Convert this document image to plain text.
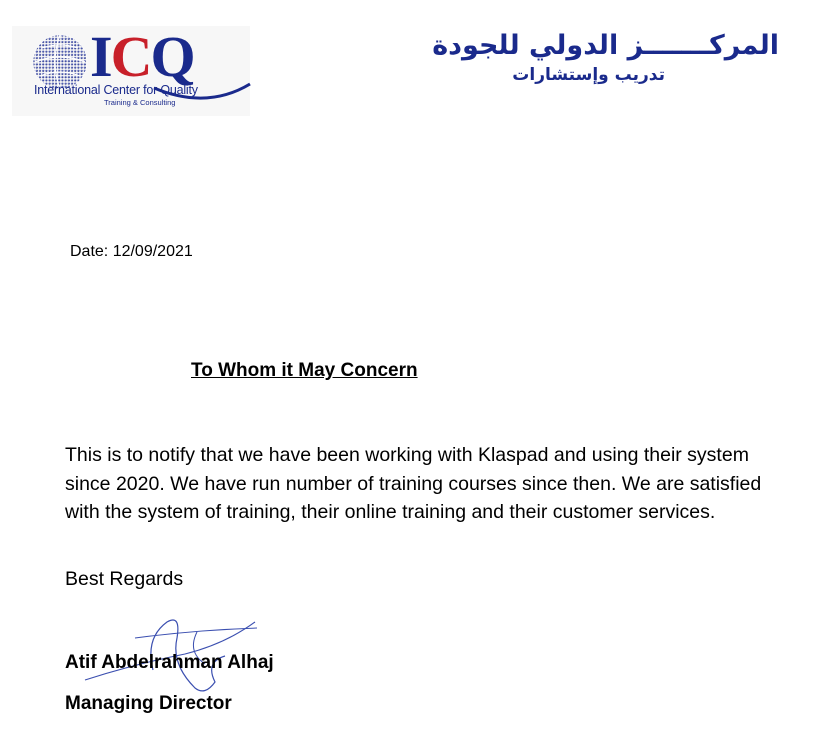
ICQ
International Center for Quality
Training & Consulting
المركـــــــز الدولي للجودة
تدريب وإستشارات
Date: 12/09/2021
To Whom it May Concern

This is to notify that we have been working with Klaspad and using their system since 2020. We have run number of training courses since then. We are satisfied with the system of training, their online training and their customer services.

Best Regards
Atif Abdelrahman Alhaj
Managing Director
